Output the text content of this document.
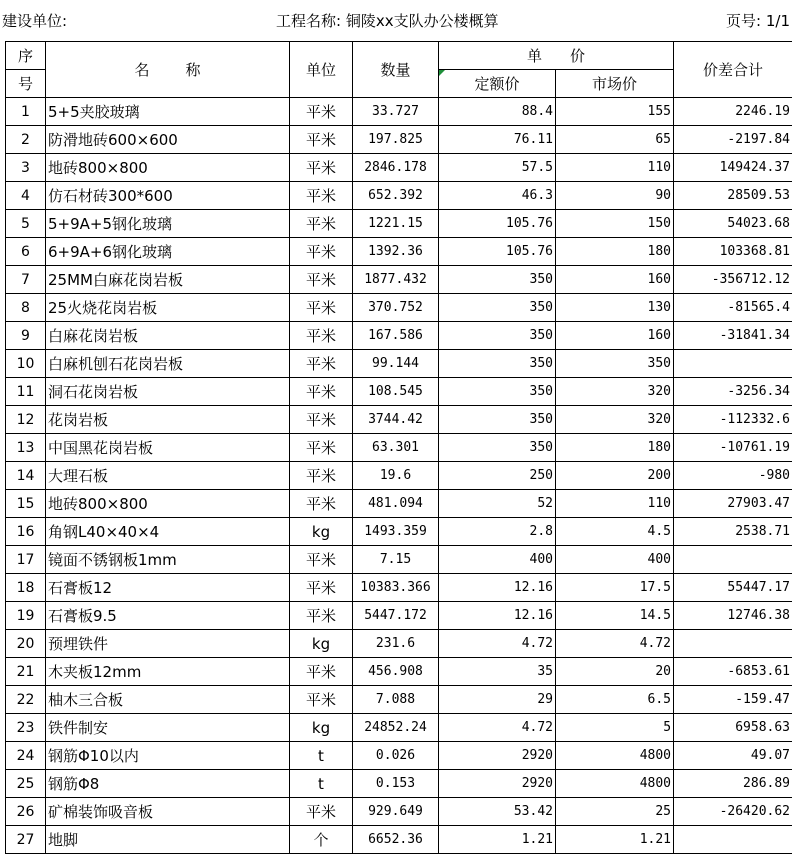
建设单位:	工程名称: 铜陵xx支队办公楼概算	页号: 1/1
序	名称	单位	数量	单价		价差合计
号				定额价	市场价	
1	5+5夹胶玻璃	平米	33.727	88.4	155	2246.19
2	防滑地砖600×600	平米	197.825	76.11	65	-2197.84
3	地砖800×800	平米	2846.178	57.5	110	149424.37
4	仿石材砖300*600	平米	652.392	46.3	90	28509.53
5	5+9A+5钢化玻璃	平米	1221.15	105.76	150	54023.68
6	6+9A+6钢化玻璃	平米	1392.36	105.76	180	103368.81
7	25MM白麻花岗岩板	平米	1877.432	350	160	-356712.12
8	25火烧花岗岩板	平米	370.752	350	130	-81565.4
9	白麻花岗岩板	平米	167.586	350	160	-31841.34
10	白麻机刨石花岗岩板	平米	99.144	350	350	
11	洞石花岗岩板	平米	108.545	350	320	-3256.34
12	花岗岩板	平米	3744.42	350	320	-112332.6
13	中国黑花岗岩板	平米	63.301	350	180	-10761.19
14	大理石板	平米	19.6	250	200	-980
15	地砖800×800	平米	481.094	52	110	27903.47
16	角钢L40×40×4	kg	1493.359	2.8	4.5	2538.71
17	镜面不锈钢板1mm	平米	7.15	400	400	
18	石膏板12	平米	10383.366	12.16	17.5	55447.17
19	石膏板9.5	平米	5447.172	12.16	14.5	12746.38
20	预埋铁件	kg	231.6	4.72	4.72	
21	木夹板12mm	平米	456.908	35	20	-6853.61
22	柚木三合板	平米	7.088	29	6.5	-159.47
23	铁件制安	kg	24852.24	4.72	5	6958.63
24	钢筋Φ10以内	t	0.026	2920	4800	49.07
25	钢筋Φ8	t	0.153	2920	4800	286.89
26	矿棉装饰吸音板	平米	929.649	53.42	25	-26420.62
27	地脚	个	6652.36	1.21	1.21	
